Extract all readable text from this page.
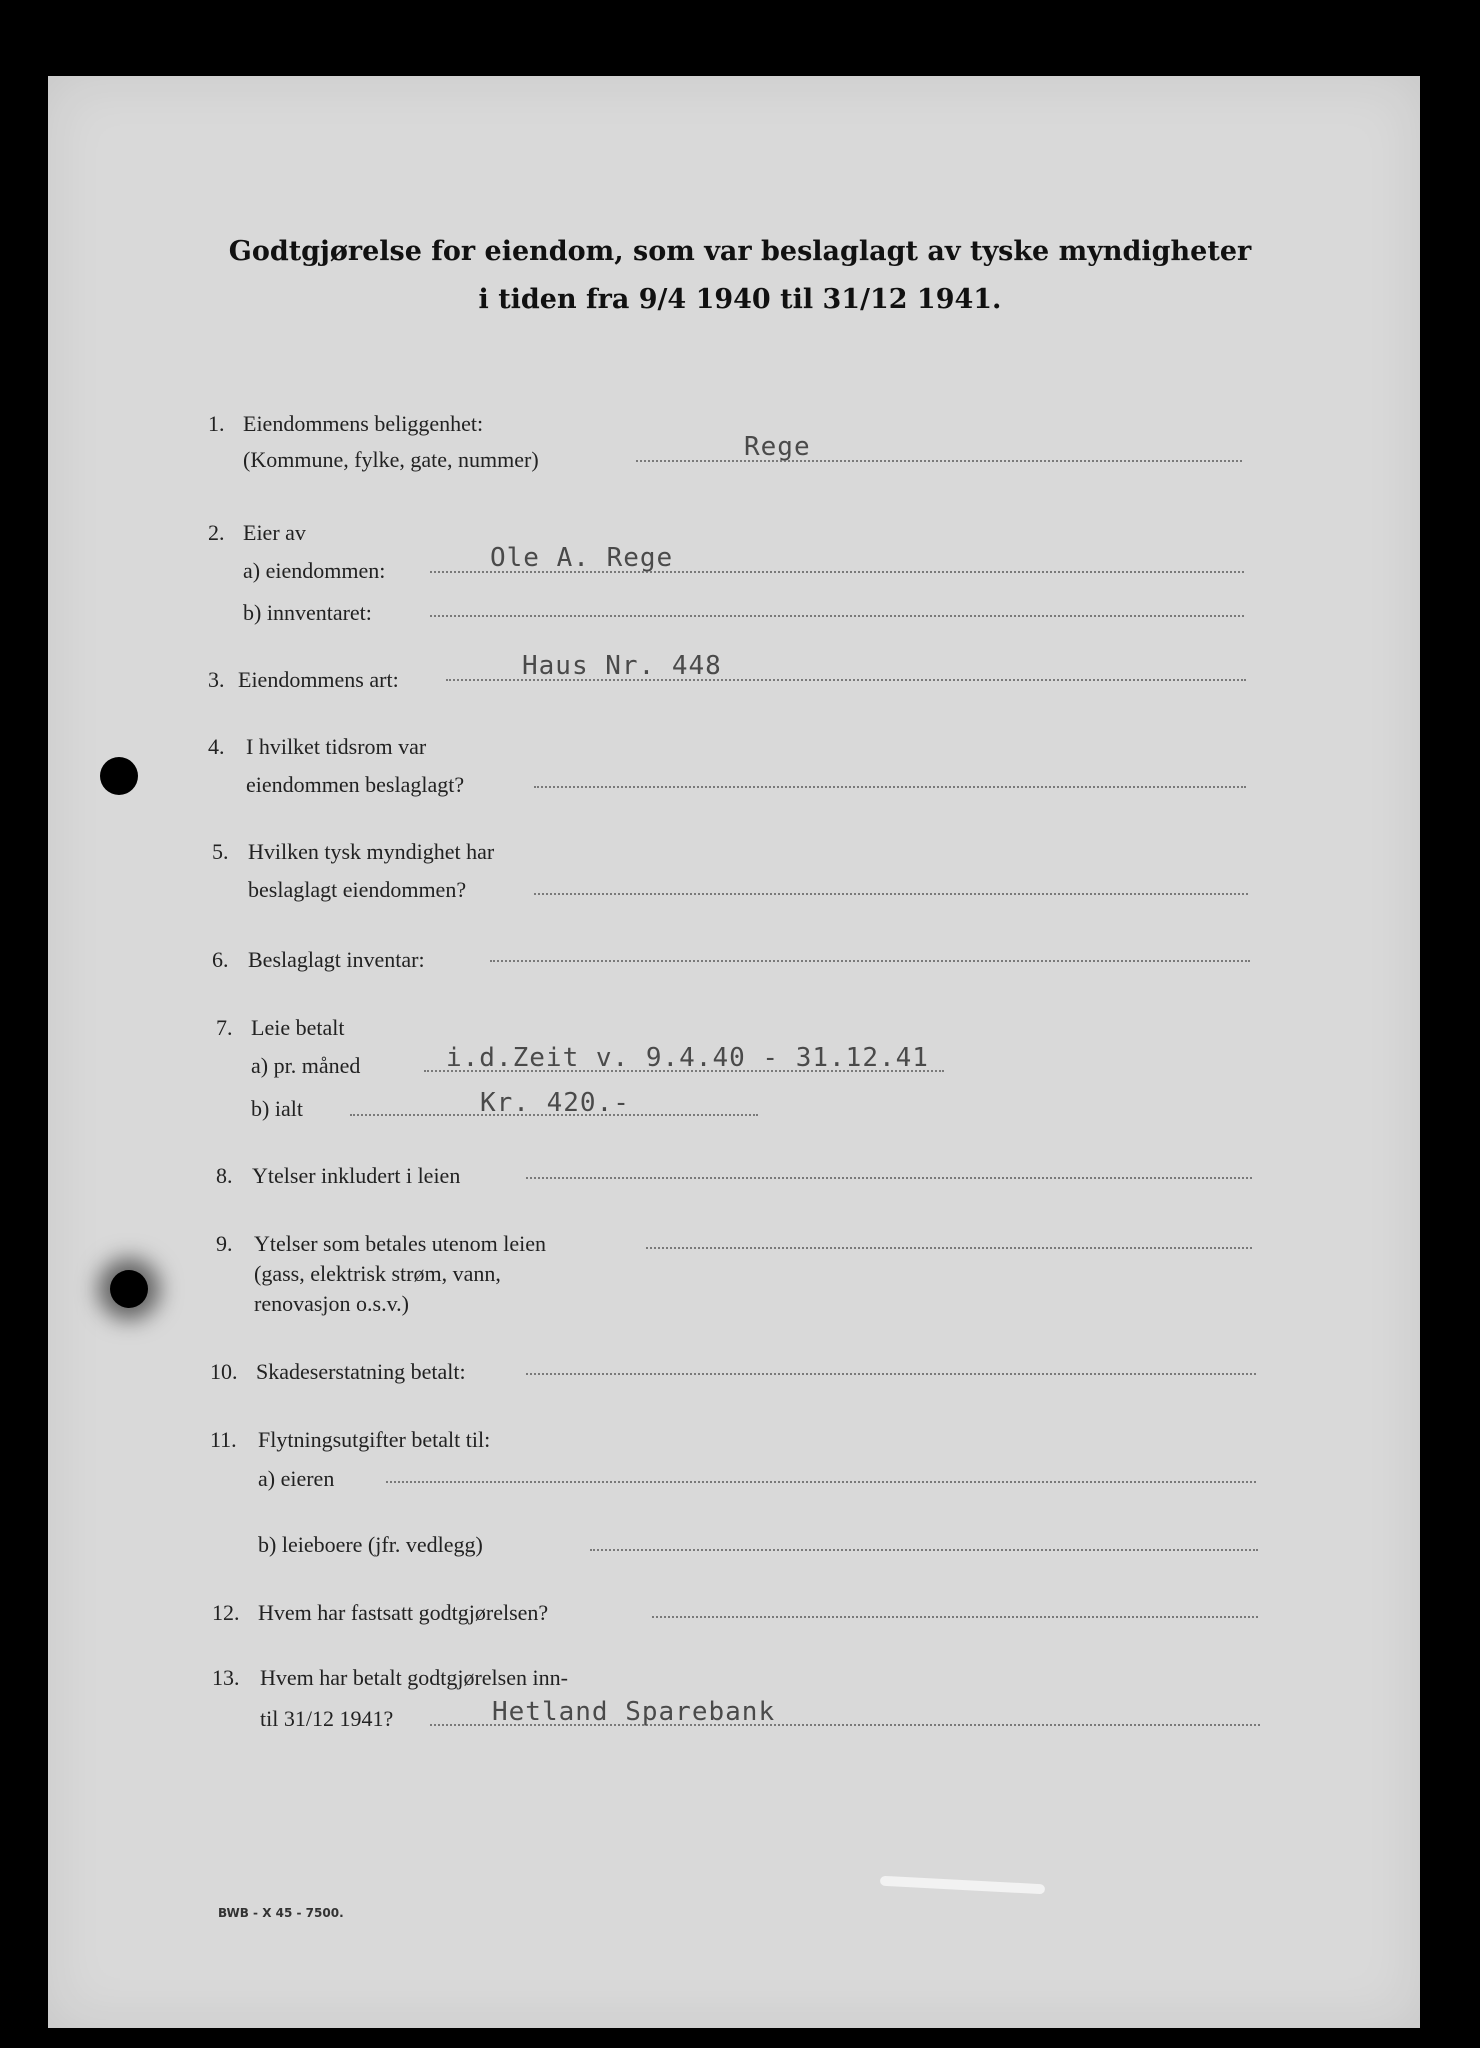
Godtgjørelse for eiendom, som var beslaglagt av tyske myndigheter
i tiden fra 9/4 1940 til 31/12 1941.
1. Eiendommens beliggenhet:
(Kommune, fylke, gate, nummer)	Rege
2. Eier av
a) eiendommen:	Ole A. Rege
b) innventaret:
3. Eiendommens art:	Haus Nr. 448
4. I hvilket tidsrom var
eiendommen beslaglagt?
5. Hvilken tysk myndighet har
beslaglagt eiendommen?
6. Beslaglagt inventar:
7. Leie betalt
a) pr. måned	i.d.Zeit v. 9.4.40 - 31.12.41
b) ialt	Kr. 420.-
8. Ytelser inkludert i leien
9. Ytelser som betales utenom leien
(gass, elektrisk strøm, vann,
renovasjon o.s.v.)
10. Skadeserstatning betalt:
11. Flytningsutgifter betalt til:
a) eieren
b) leieboere (jfr. vedlegg)
12. Hvem har fastsatt godtgjørelsen?
13. Hvem har betalt godtgjørelsen inn-
til 31/12 1941?	Hetland Sparebank
BWB - X 45 - 7500.
